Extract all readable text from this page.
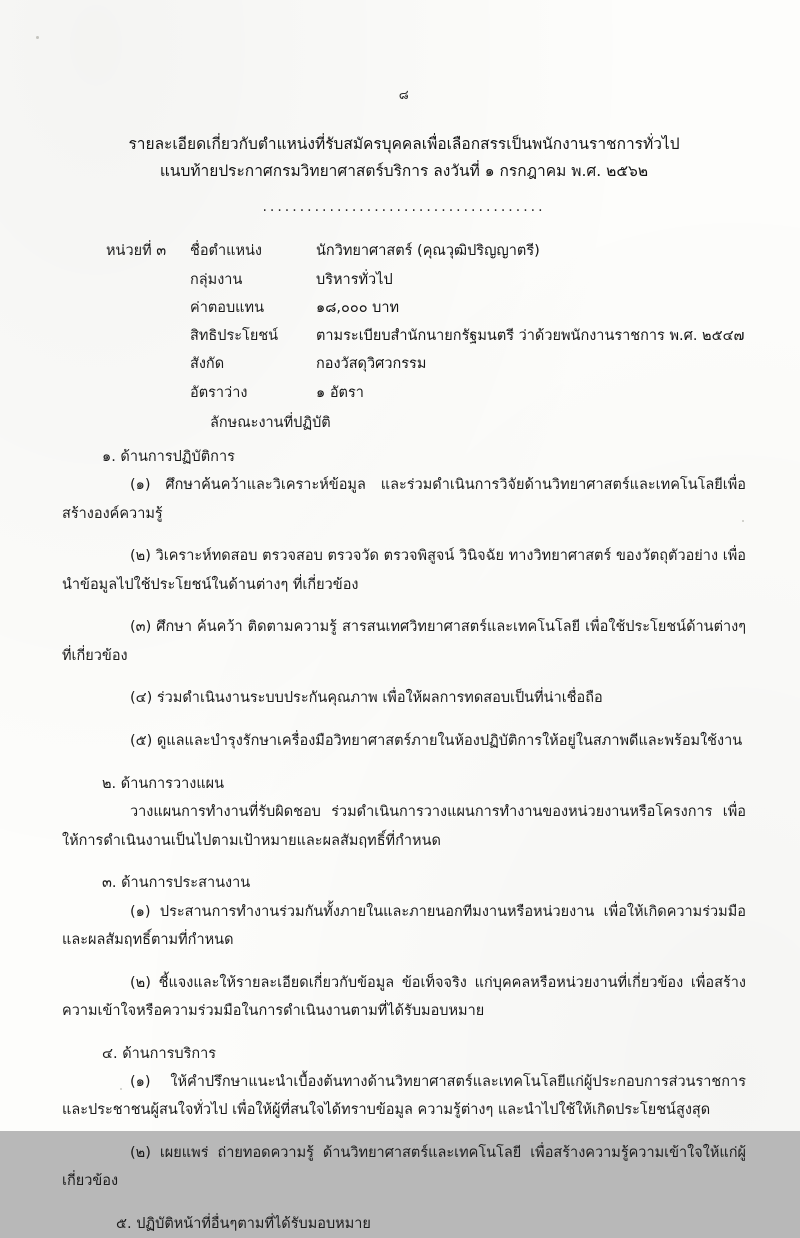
๘
รายละเอียดเกี่ยวกับตำแหน่งที่รับสมัครบุคคลเพื่อเลือกสรรเป็นพนักงานราชการทั่วไป
แนบท้ายประกาศกรมวิทยาศาสตร์บริการ ลงวันที่ ๑ กรกฎาคม พ.ศ. ๒๕๖๒
......................................
หน่วยที่ ๓	ชื่อตำแหน่ง	นักวิทยาศาสตร์ (คุณวุฒิปริญญาตรี)
	กลุ่มงาน	บริหารทั่วไป
	ค่าตอบแทน	๑๘,๐๐๐ บาท
	สิทธิประโยชน์	ตามระเบียบสำนักนายกรัฐมนตรี ว่าด้วยพนักงานราชการ พ.ศ. ๒๕๔๗
	สังกัด	กองวัสดุวิศวกรรม
	อัตราว่าง	๑ อัตรา
ลักษณะงานที่ปฏิบัติ
๑. ด้านการปฏิบัติการ

(๑) ศึกษาค้นคว้าและวิเคราะห์ข้อมูล และร่วมดำเนินการวิจัยด้านวิทยาศาสตร์และเทคโนโลยีเพื่อสร้างองค์ความรู้

(๒) วิเคราะห์ทดสอบ ตรวจสอบ ตรวจวัด ตรวจพิสูจน์ วินิจฉัย ทางวิทยาศาสตร์ ของวัตถุตัวอย่าง เพื่อนำข้อมูลไปใช้ประโยชน์ในด้านต่างๆ ที่เกี่ยวข้อง

(๓) ศึกษา ค้นคว้า ติดตามความรู้ สารสนเทศวิทยาศาสตร์และเทคโนโลยี เพื่อใช้ประโยชน์ด้านต่างๆ ที่เกี่ยวข้อง

(๔) ร่วมดำเนินงานระบบประกันคุณภาพ เพื่อให้ผลการทดสอบเป็นที่น่าเชื่อถือ

(๕) ดูแลและบำรุงรักษาเครื่องมือวิทยาศาสตร์ภายในห้องปฏิบัติการให้อยู่ในสภาพดีและพร้อมใช้งาน

๒. ด้านการวางแผน

วางแผนการทำงานที่รับผิดชอบ ร่วมดำเนินการวางแผนการทำงานของหน่วยงานหรือโครงการ เพื่อให้การดำเนินงานเป็นไปตามเป้าหมายและผลสัมฤทธิ์ที่กำหนด

๓. ด้านการประสานงาน

(๑) ประสานการทำงานร่วมกันทั้งภายในและภายนอกทีมงานหรือหน่วยงาน เพื่อให้เกิดความร่วมมือและผลสัมฤทธิ์ตามที่กำหนด

(๒) ชี้แจงและให้รายละเอียดเกี่ยวกับข้อมูล ข้อเท็จจริง แก่บุคคลหรือหน่วยงานที่เกี่ยวข้อง เพื่อสร้างความเข้าใจหรือความร่วมมือในการดำเนินงานตามที่ได้รับมอบหมาย

๔. ด้านการบริการ

(๑) ให้คำปรึกษาแนะนำเบื้องต้นทางด้านวิทยาศาสตร์และเทคโนโลยีแก่ผู้ประกอบการส่วนราชการ และประชาชนผู้สนใจทั่วไป เพื่อให้ผู้ที่สนใจได้ทราบข้อมูล ความรู้ต่างๆ และนำไปใช้ให้เกิดประโยชน์สูงสุด

(๒) เผยแพร่ ถ่ายทอดความรู้ ด้านวิทยาศาสตร์และเทคโนโลยี เพื่อสร้างความรู้ความเข้าใจให้แก่ผู้เกี่ยวข้อง

๕. ปฏิบัติหน้าที่อื่นๆตามที่ได้รับมอบหมาย
